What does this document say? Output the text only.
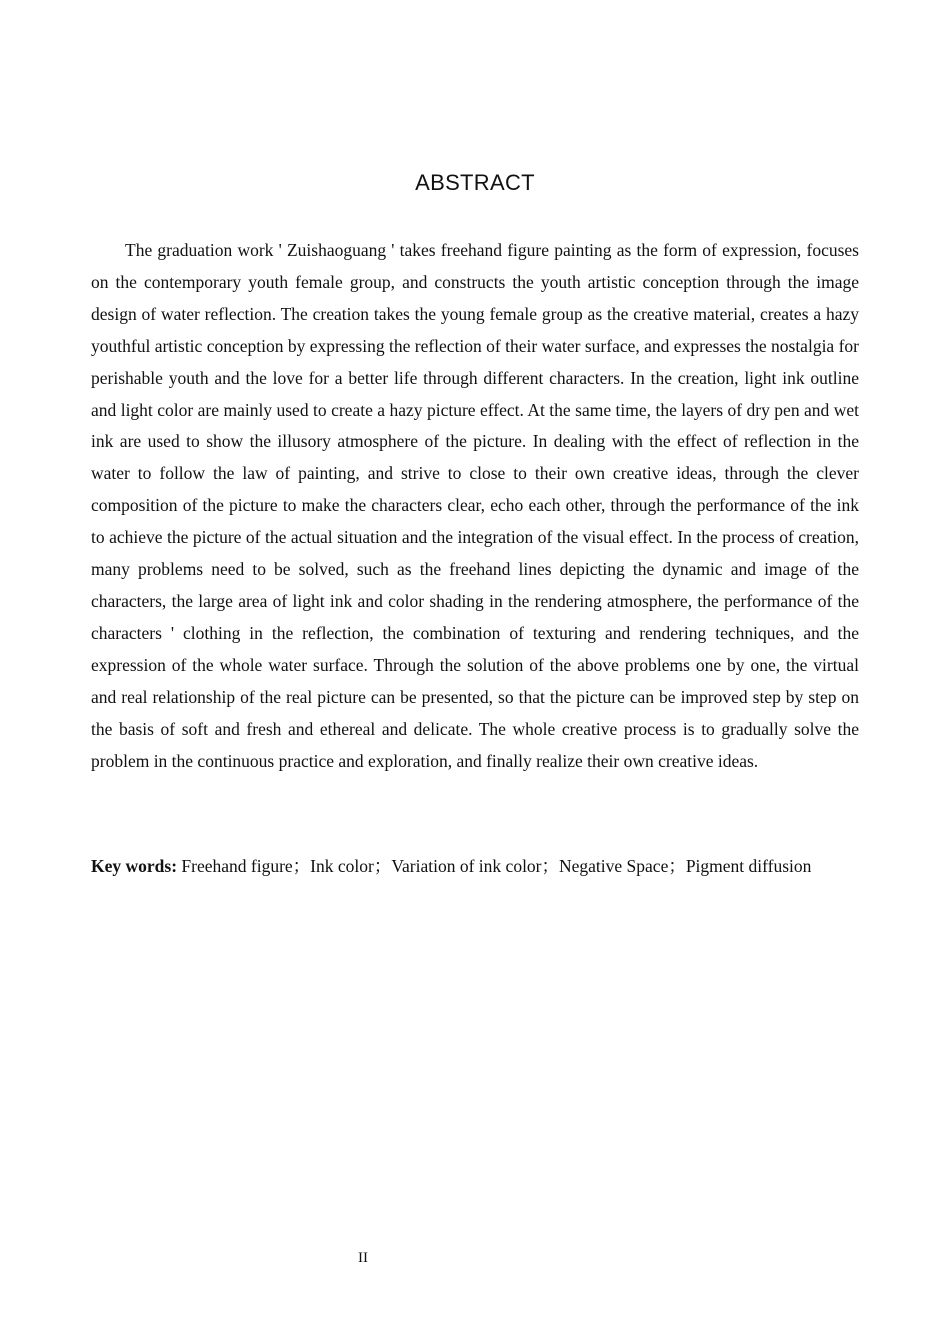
ABSTRACT

The graduation work ' Zuishaoguang ' takes freehand figure painting as the form of expression, focuses on the contemporary youth female group, and constructs the youth artistic conception through the image design of water reflection. The creation takes the young female group as the creative material, creates a hazy youthful artistic conception by expressing the reflection of their water surface, and expresses the nostalgia for perishable youth and the love for a better life through different characters. In the creation, light ink outline and light color are mainly used to create a hazy picture effect. At the same time, the layers of dry pen and wet ink are used to show the illusory atmosphere of the picture. In dealing with the effect of reflection in the water to follow the law of painting, and strive to close to their own creative ideas, through the clever composition of the picture to make the characters clear, echo each other, through the performance of the ink to achieve the picture of the actual situation and the integration of the visual effect. In the process of creation, many problems need to be solved, such as the freehand lines depicting the dynamic and image of the characters, the large area of light ink and color shading in the rendering atmosphere, the performance of the characters ' clothing in the reflection, the combination of texturing and rendering techniques, and the expression of the whole water surface. Through the solution of the above problems one by one, the virtual and real relationship of the real picture can be presented, so that the picture can be improved step by step on the basis of soft and fresh and ethereal and delicate. The whole creative process is to gradually solve the problem in the continuous practice and exploration, and finally realize their own creative ideas.

Key words: Freehand figure；Ink color；Variation of ink color；Negative Space；Pigment diffusion

II
